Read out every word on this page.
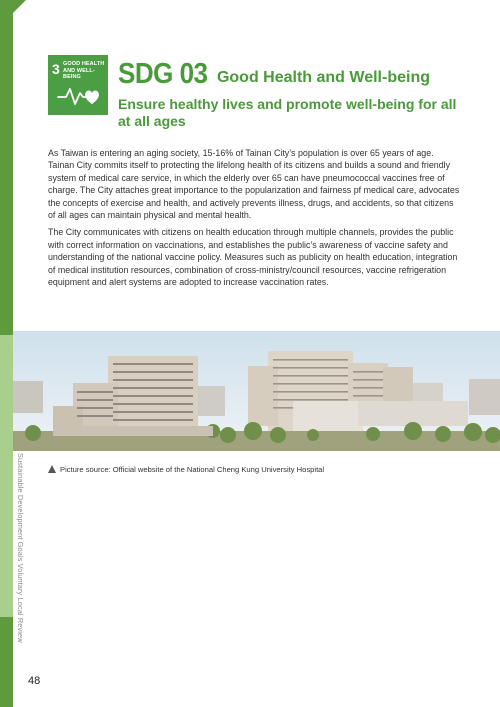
Sustainable Development Goals Voluntary Local Review
3 GOOD HEALTH
AND WELL-BEING	SDG 03 Good Health and Well-being
Ensure healthy lives and promote well-being for all at all ages

As Taiwan is entering an aging society, 15-16% of Tainan City’s population is over 65 years of age. Tainan City commits itself to protecting the lifelong health of its citizens and builds a sound and friendly system of medical care service, in which the elderly over 65 can have pneumococcal vaccines free of charge. The City attaches great importance to the popularization and fairness pf medical care, advocates the concepts of exercise and health, and actively prevents illness, drugs, and accidents, so that citizens of all ages can maintain physical and mental health.

The City communicates with citizens on health education through multiple channels, provides the public with correct information on vaccinations, and establishes the public’s awareness of vaccine safety and understanding of the national vaccine policy. Measures such as publicity on health education, integration of medical institution resources, combination of cross-ministry/council resources, vaccine refrigeration equipment and alert systems are adopted to increase vaccination rates.

Picture source: Official website of the National Cheng Kung University Hospital
48
